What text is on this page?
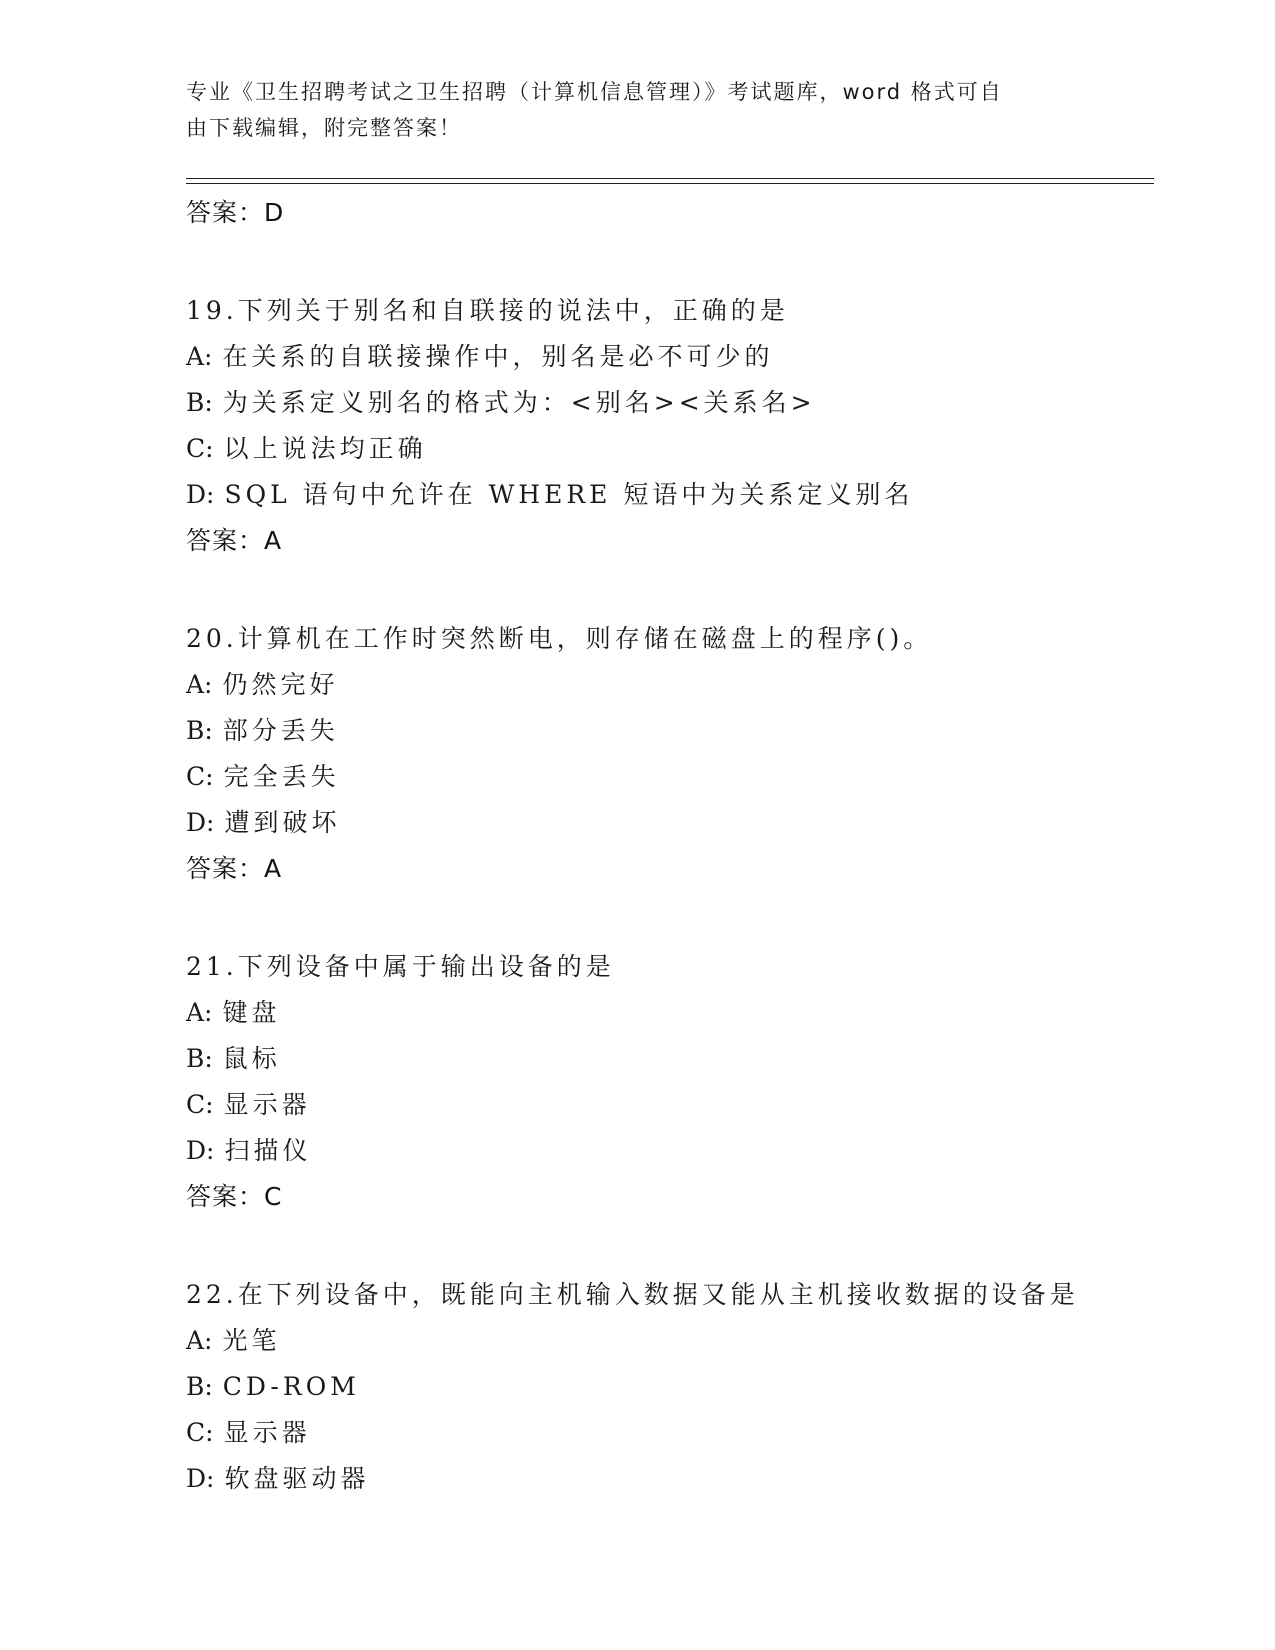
专业《卫生招聘考试之卫生招聘（计算机信息管理）》考试题库，word 格式可自
由下载编辑，附完整答案！
答案：D
19.下列关于别名和自联接的说法中，正确的是
A: 在关系的自联接操作中，别名是必不可少的
B: 为关系定义别名的格式为：<别名><关系名>
C: 以上说法均正确
D: SQL 语句中允许在 WHERE 短语中为关系定义别名
答案：A
20.计算机在工作时突然断电，则存储在磁盘上的程序()。
A: 仍然完好
B: 部分丢失
C: 完全丢失
D: 遭到破坏
答案：A
21.下列设备中属于输出设备的是
A: 键盘
B: 鼠标
C: 显示器
D: 扫描仪
答案：C
22.在下列设备中，既能向主机输入数据又能从主机接收数据的设备是
A: 光笔
B: CD-ROM
C: 显示器
D: 软盘驱动器
